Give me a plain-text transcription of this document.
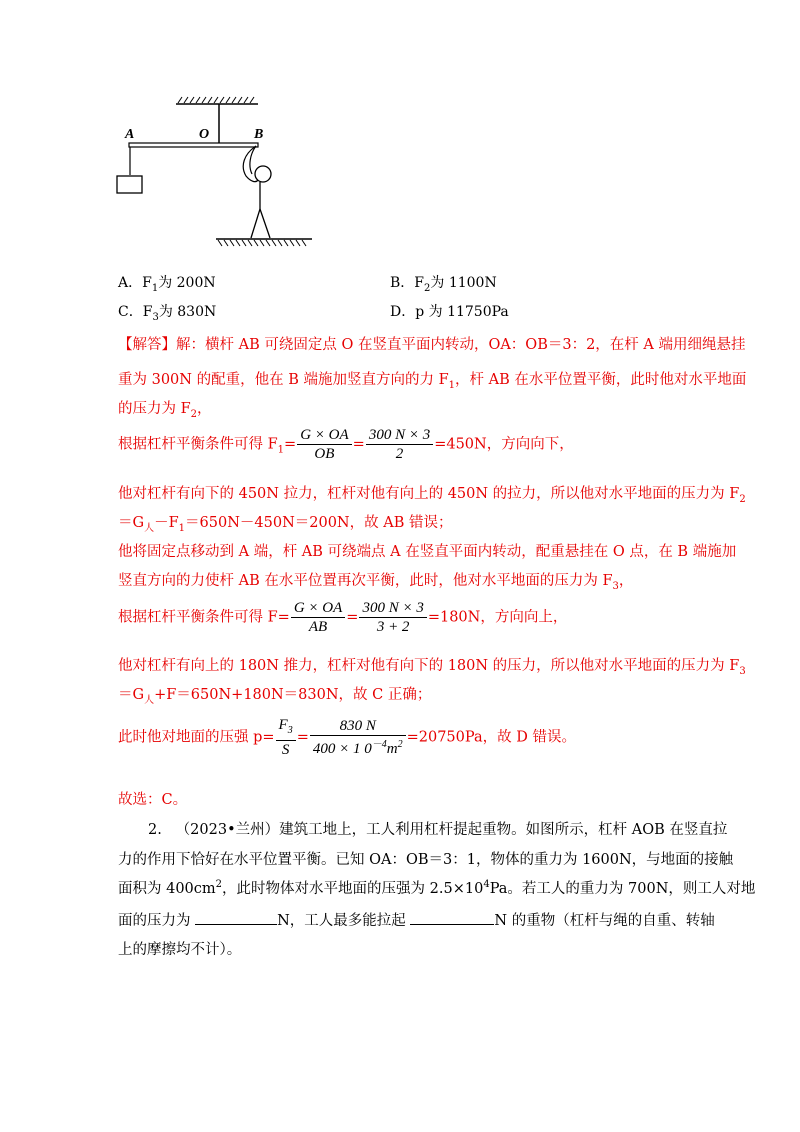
A	O	B
A．$F_1$为 200N	B．$F_2$为 1100N
C．$F_3$为 830N	D．p 为 11750Pa
【解答】解：横杆 AB 可绕固定点 O 在竖直平面内转动，OA：OB＝3：2，在杆 A 端用细绳悬挂
重为 300N 的配重，他在 B 端施加竖直方向的力 $F_1$，杆 AB 在水平位置平衡，此时他对水平地面
的压力为 $F_2$，
根据杠杆平衡条件可得 $F_1= \frac{G \times OA}{OB} = \frac{300 N \times 3}{2} =450N$，方向向下，
他对杠杆有向下的 450N 拉力，杠杆对他有向上的 450N 的拉力，所以他对水平地面的压力为 $F_2$
$=G_人-F_1=650N-450N=200N$，故 AB 错误；
他将固定点移动到 A 端，杆 AB 可绕端点 A 在竖直平面内转动，配重悬挂在 O 点，在 B 端施加
竖直方向的力使杆 AB 在水平位置再次平衡，此时，他对水平地面的压力为 $F_3$，
根据杠杆平衡条件可得 $F= \frac{G \times OA}{AB} = \frac{300 N \times 3}{3 + 2} =180N$，方向向上，
他对杠杆有向上的 180N 推力，杠杆对他有向下的 180N 的压力，所以他对水平地面的压力为 $F_3$
$=G_人+F=650N+180N=830N$，故 C 正确；
此时他对地面的压强 $p= \frac{F_3}{S} = \frac{830 N}{400 \times 1 0^{-4}m^2} =20750Pa$，故 D 错误。
故选：C。
2. （2023•兰州）建筑工地上，工人利用杠杆提起重物。如图所示，杠杆 AOB 在竖直拉
力的作用下恰好在水平位置平衡。已知 OA：OB＝3：1，物体的重力为 1600N，与地面的接触
面积为 $400cm^2$，此时物体对水平地面的压强为 $2.5\times 10^4Pa$。若工人的重力为 700N，则工人对地
面的压力为	N，工人最多能拉起	N 的重物（杠杆与绳的自重、转轴
上的摩擦均不计）。
